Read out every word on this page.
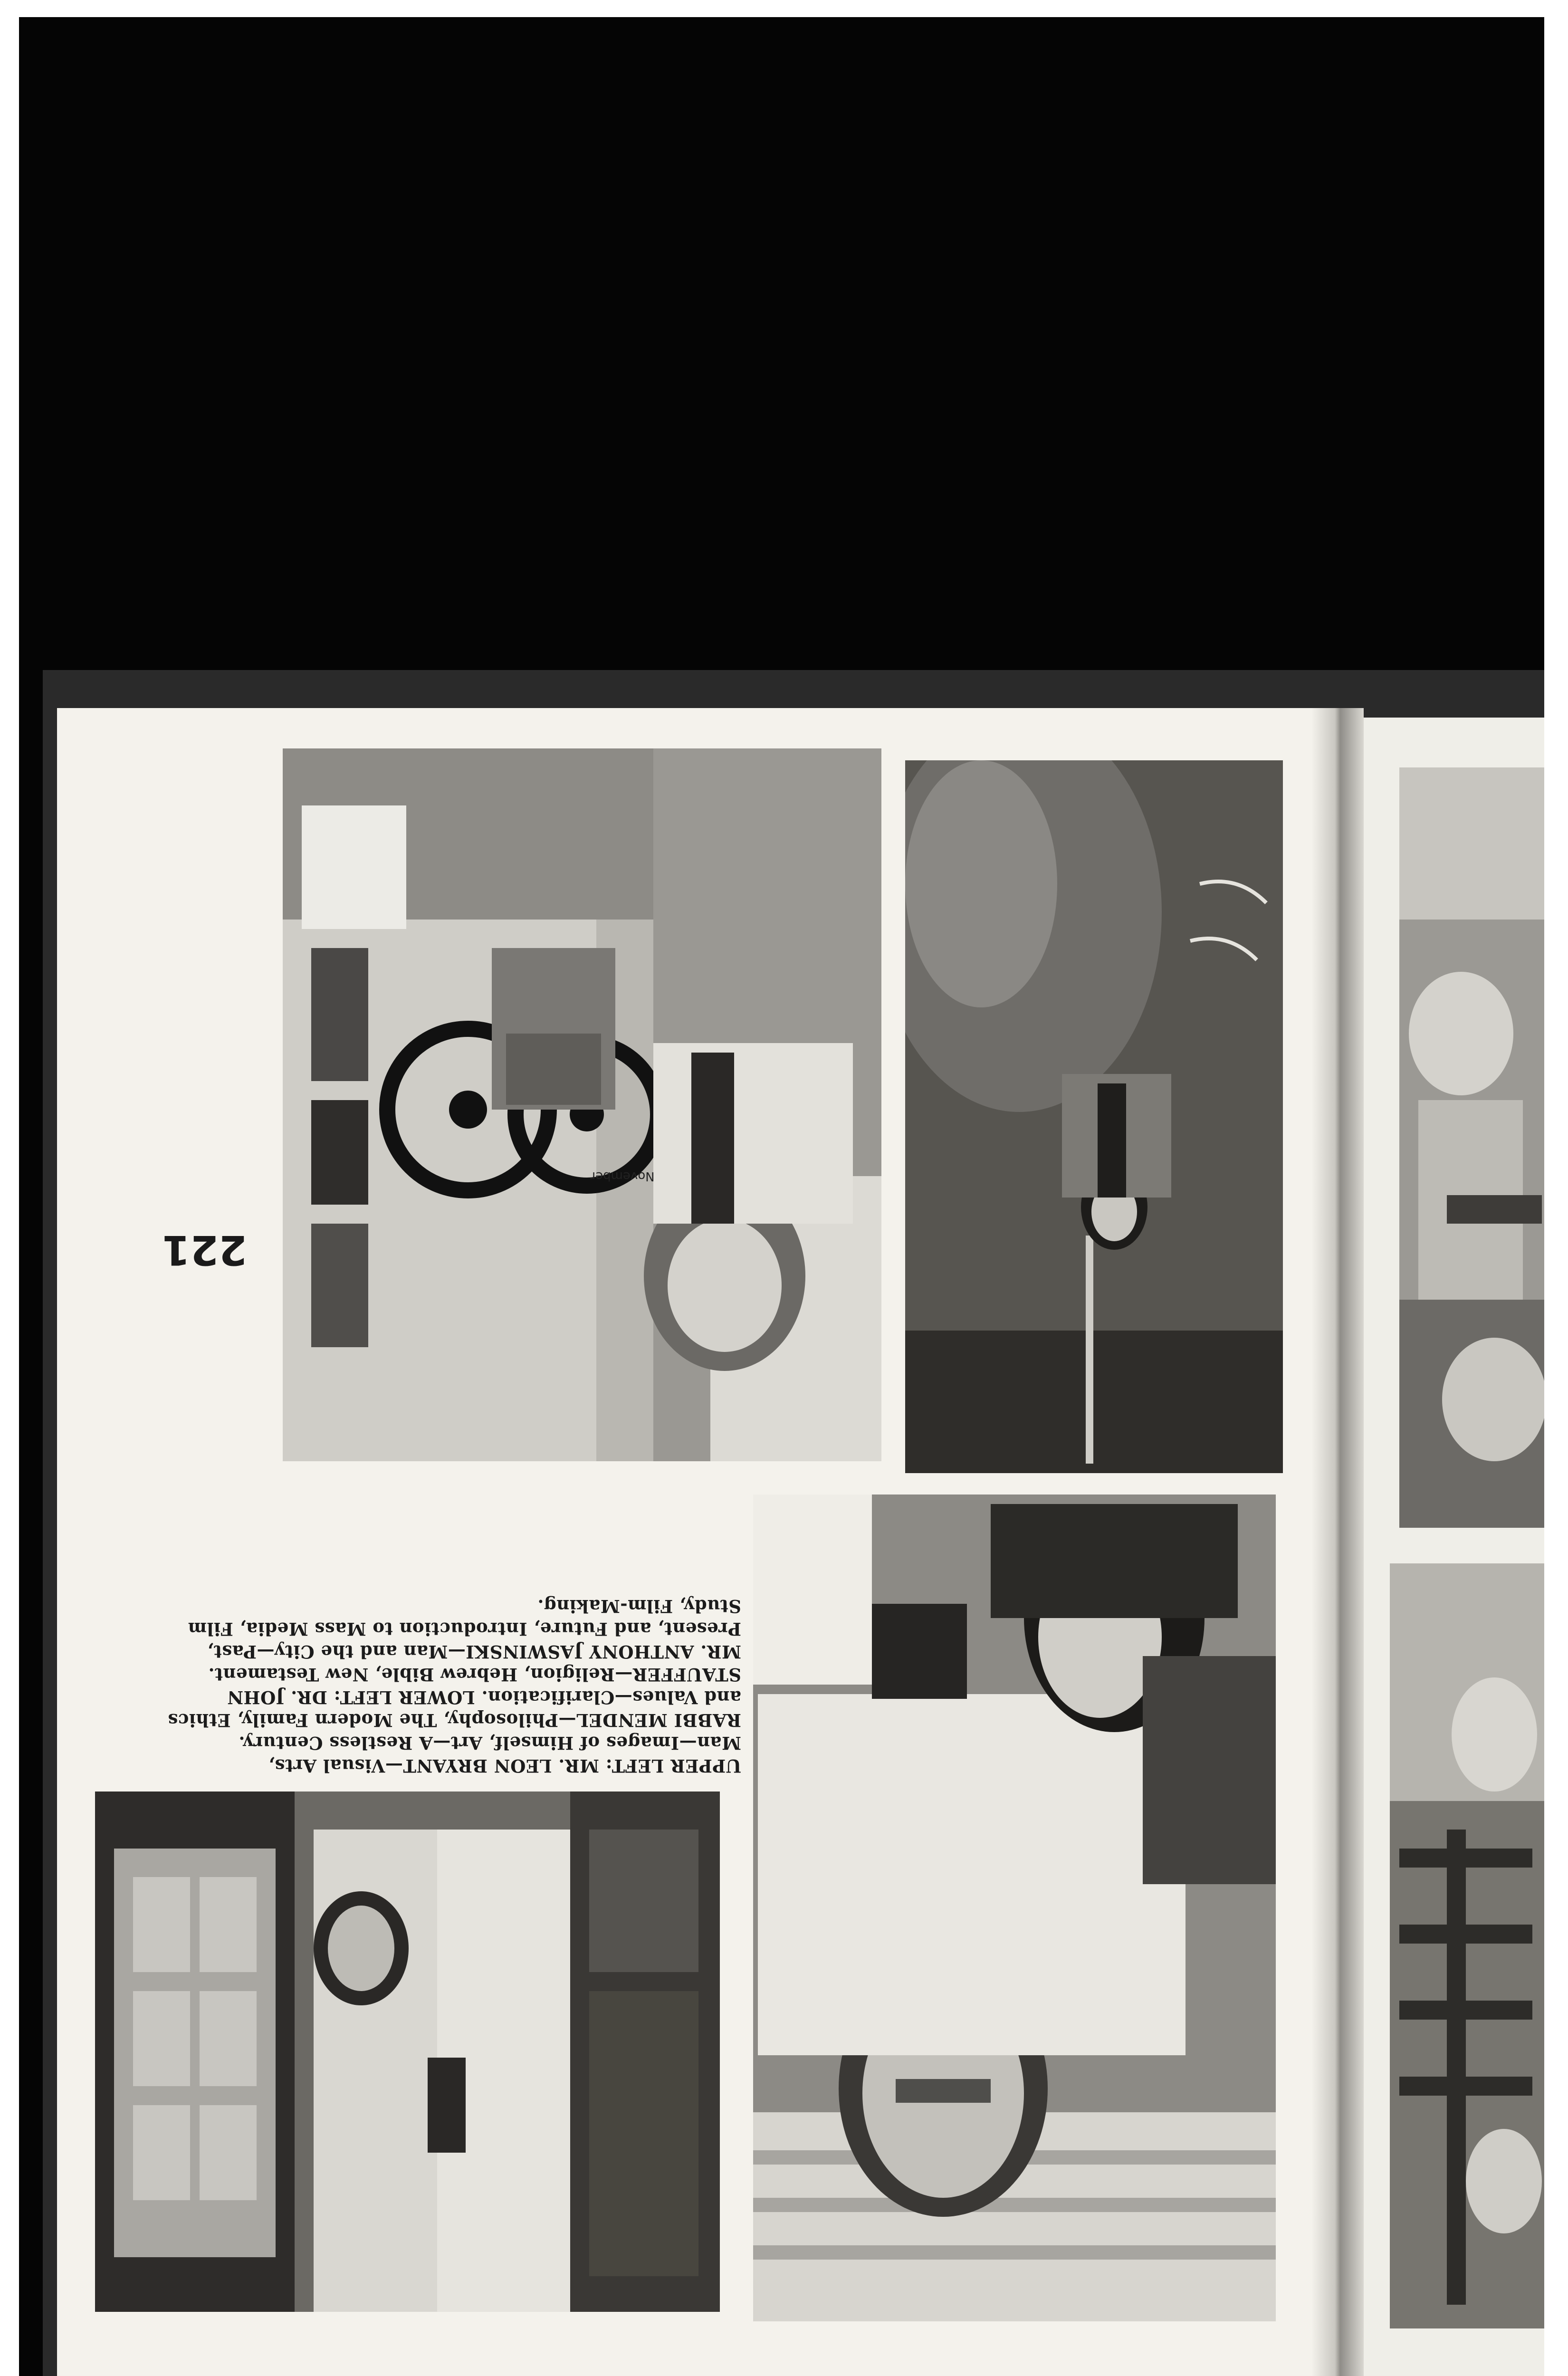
221
UPPER LEFT: MR. LEON BRYANT—Visual Arts,
Man—Images of Himself, Art—A Restless Century.
RABBI MENDEL—Philosophy, The Modern Family, Ethics
and Values—Clarification. LOWER LEFT: DR. JOHN
STAUFFER—Religion, Hebrew Bible, New Testament.
MR. ANTHONY JASWINSKI—Man and the City—Past,
Present, and Future, Introduction to Mass Media, Film
Study, Film-Making.
November
